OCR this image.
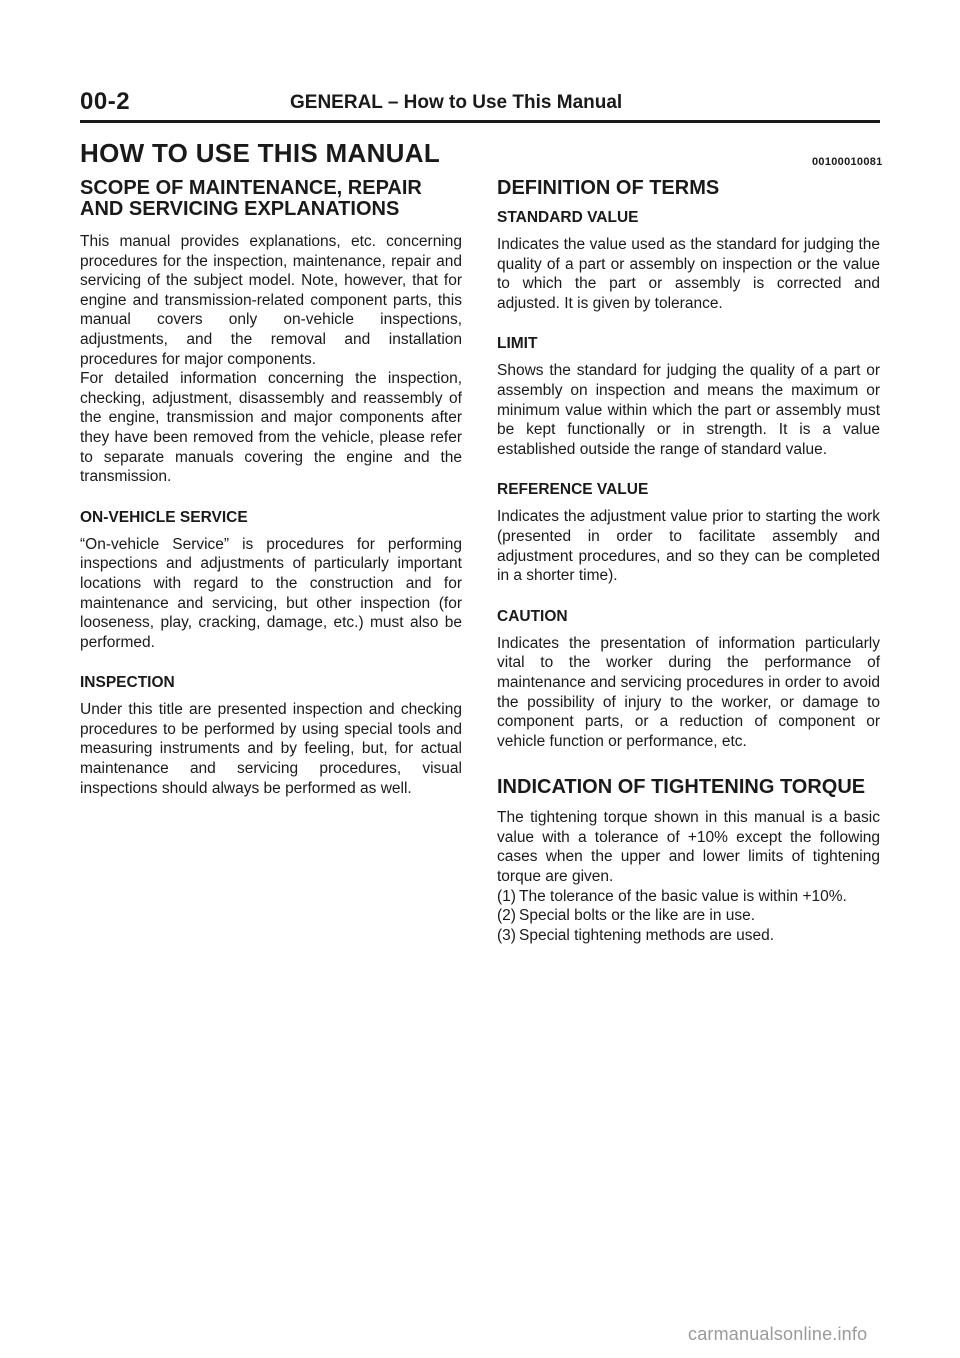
00-2	GENERAL – How to Use This Manual
HOW TO USE THIS MANUAL	00100010081
SCOPE OF MAINTENANCE, REPAIR
AND SERVICING EXPLANATIONS

This manual provides explanations, etc. concerning procedures for the inspection, maintenance, repair and servicing of the subject model. Note, however, that for engine and transmission-related component parts, this manual covers only on-vehicle inspections, adjustments, and the removal and installation procedures for major components.

For detailed information concerning the inspection, checking, adjustment, disassembly and reassembly of the engine, transmission and major components after they have been removed from the vehicle, please refer to separate manuals covering the engine and the transmission.

ON-VEHICLE SERVICE

“On-vehicle Service” is procedures for performing inspections and adjustments of particularly important locations with regard to the construction and for maintenance and servicing, but other inspection (for looseness, play, cracking, damage, etc.) must also be performed.

INSPECTION

Under this title are presented inspection and checking procedures to be performed by using special tools and measuring instruments and by feeling, but, for actual maintenance and servicing procedures, visual inspections should always be performed as well.

DEFINITION OF TERMS
STANDARD VALUE

Indicates the value used as the standard for judging the quality of a part or assembly on inspection or the value to which the part or assembly is corrected and adjusted. It is given by tolerance.

LIMIT

Shows the standard for judging the quality of a part or assembly on inspection and means the maximum or minimum value within which the part or assembly must be kept functionally or in strength. It is a value established outside the range of standard value.

REFERENCE VALUE

Indicates the adjustment value prior to starting the work (presented in order to facilitate assembly and adjustment procedures, and so they can be completed in a shorter time).

CAUTION

Indicates the presentation of information particularly vital to the worker during the performance of maintenance and servicing procedures in order to avoid the possibility of injury to the worker, or damage to component parts, or a reduction of component or vehicle function or performance, etc.

INDICATION OF TIGHTENING TORQUE

The tightening torque shown in this manual is a basic value with a tolerance of +10% except the following cases when the upper and lower limits of tightening torque are given.

(1) The tolerance of the basic value is within +10%.
(2) Special bolts or the like are in use.
(3) Special tightening methods are used.
carmanualsonline.info
